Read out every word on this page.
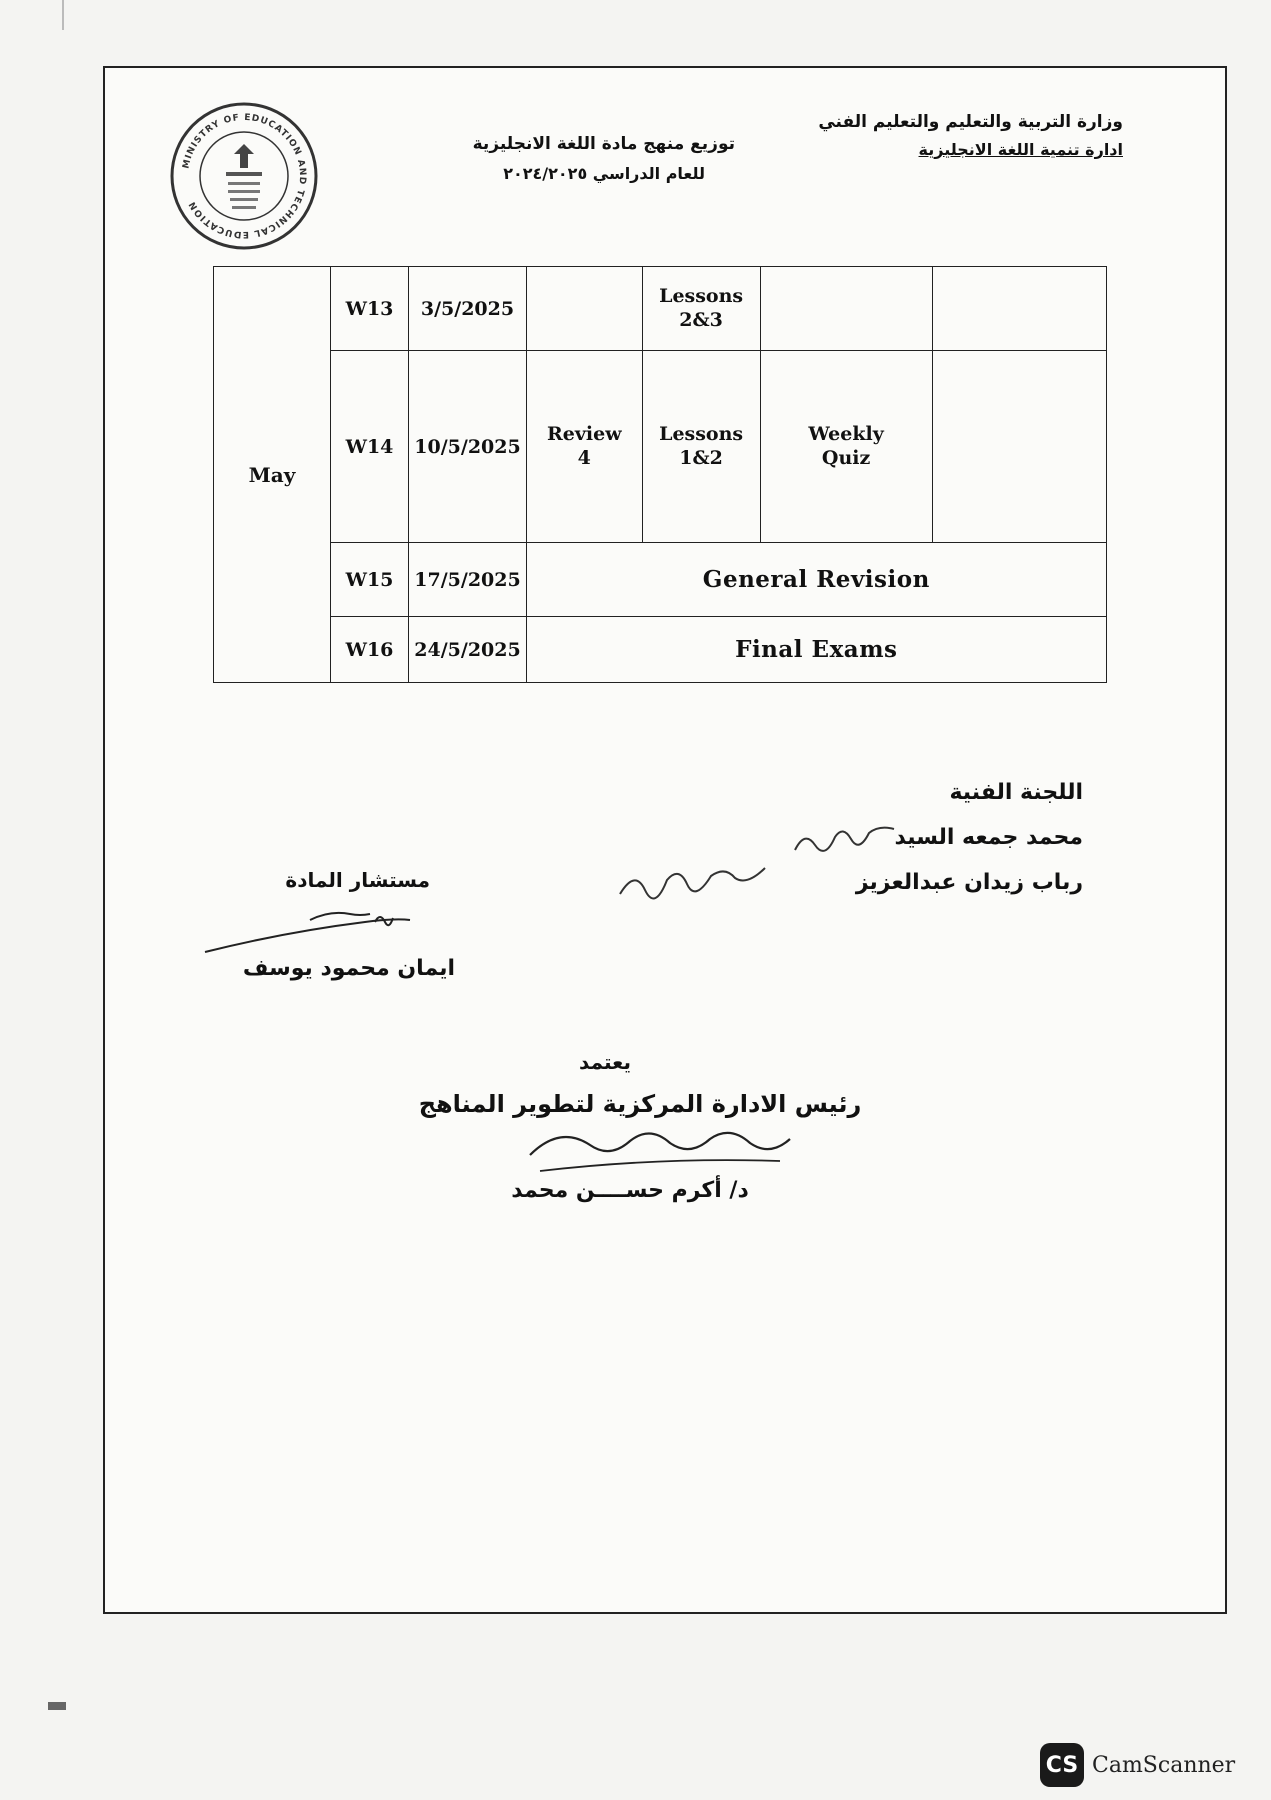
وزارة التربية والتعليم والتعليم الفني
ادارة تنمية اللغة الانجليزية
توزيع منهج مادة اللغة الانجليزية
للعام الدراسي ٢٠٢٤/٢٠٢٥
MINISTRY OF EDUCATION AND TECHNICAL EDUCATION
May	W13	3/5/2025		Lessons 2&3		
	W14	10/5/2025	Review 4	Lessons 1&2	Weekly Quiz	
	W15	17/5/2025	General Revision			
	W16	24/5/2025	Final Exams			
اللجنة الفنية
محمد جمعه السيد
رباب زيدان عبدالعزيز
مستشار المادة
ايمان محمود يوسف
يعتمد
رئيس الادارة المركزية لتطوير المناهج
د/ أكرم حســــن محمد
CS CamScanner
